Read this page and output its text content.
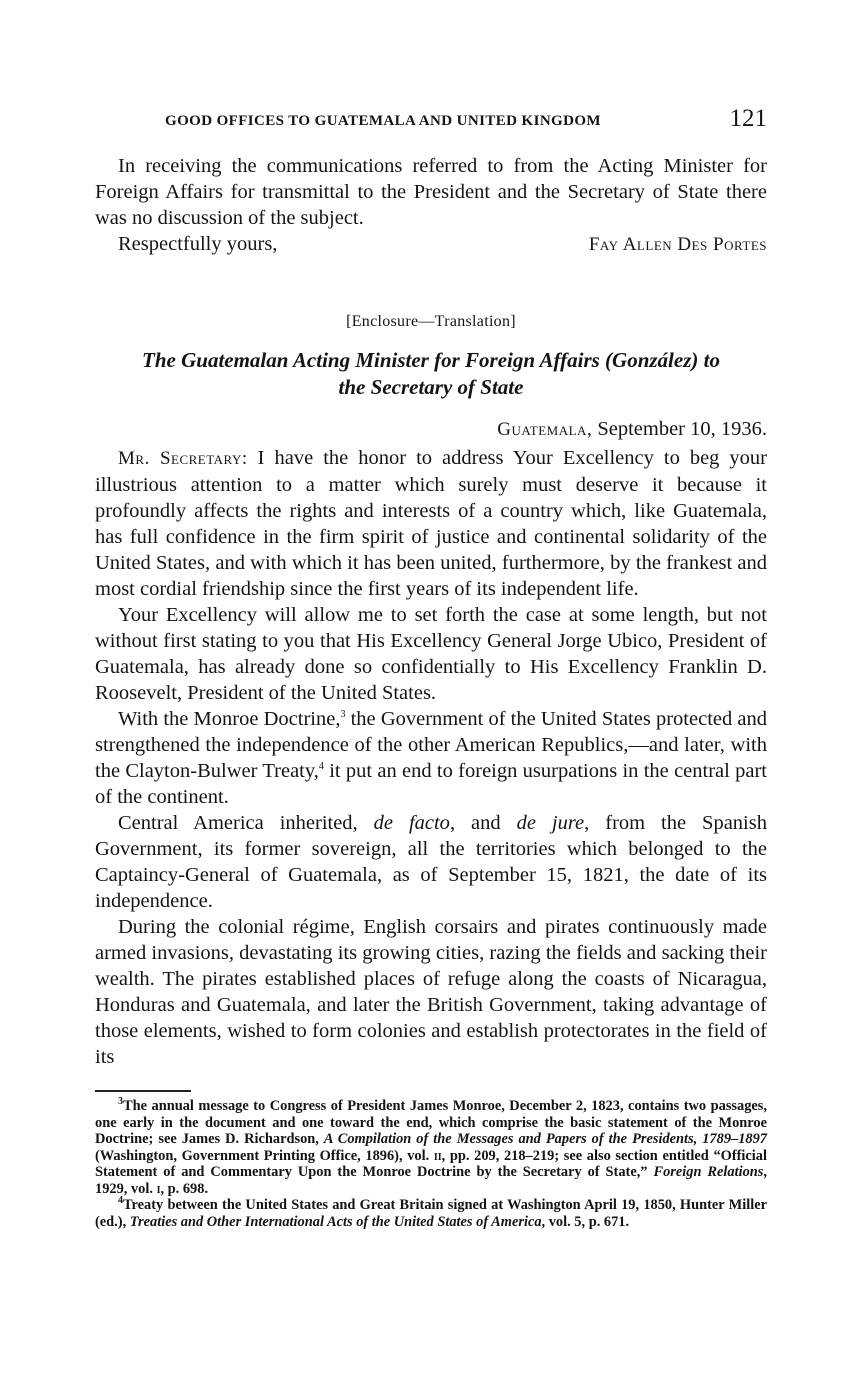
GOOD OFFICES TO GUATEMALA AND UNITED KINGDOM	121

In receiving the communications referred to from the Acting Minister for Foreign Affairs for transmittal to the President and the Secretary of State there was no discussion of the subject.

Respectfully yours,	Fay Allen Des Portes
[Enclosure—Translation]
The Guatemalan Acting Minister for Foreign Affairs (González) to
the Secretary of State
Guatemala, September 10, 1936.

Mr. Secretary: I have the honor to address Your Excellency to beg your illustrious attention to a matter which surely must deserve it because it profoundly affects the rights and interests of a country which, like Guatemala, has full confidence in the firm spirit of justice and continental solidarity of the United States, and with which it has been united, furthermore, by the frankest and most cordial friendship since the first years of its independent life.

Your Excellency will allow me to set forth the case at some length, but not without first stating to you that His Excellency General Jorge Ubico, President of Guatemala, has already done so confidentially to His Excellency Franklin D. Roosevelt, President of the United States.

With the Monroe Doctrine,$^3$ the Government of the United States protected and strengthened the independence of the other American Republics,—and later, with the Clayton-Bulwer Treaty,$^4$ it put an end to foreign usurpations in the central part of the continent.

Central America inherited, de facto, and de jure, from the Spanish Government, its former sovereign, all the territories which belonged to the Captaincy-General of Guatemala, as of September 15, 1821, the date of its independence.

During the colonial régime, English corsairs and pirates continuously made armed invasions, devastating its growing cities, razing the fields and sacking their wealth. The pirates established places of refuge along the coasts of Nicaragua, Honduras and Guatemala, and later the British Government, taking advantage of those elements, wished to form colonies and establish protectorates in the field of its

$^3$The annual message to Congress of President James Monroe, December 2, 1823, contains two passages, one early in the document and one toward the end, which comprise the basic statement of the Monroe Doctrine; see James D. Richardson, A Compilation of the Messages and Papers of the Presidents, 1789–1897 (Washington, Government Printing Office, 1896), vol. ii, pp. 209, 218–219; see also section entitled “Official Statement of and Commentary Upon the Monroe Doctrine by the Secretary of State,” Foreign Relations, 1929, vol. i, p. 698.

$^4$Treaty between the United States and Great Britain signed at Washington April 19, 1850, Hunter Miller (ed.), Treaties and Other International Acts of the United States of America, vol. 5, p. 671.
